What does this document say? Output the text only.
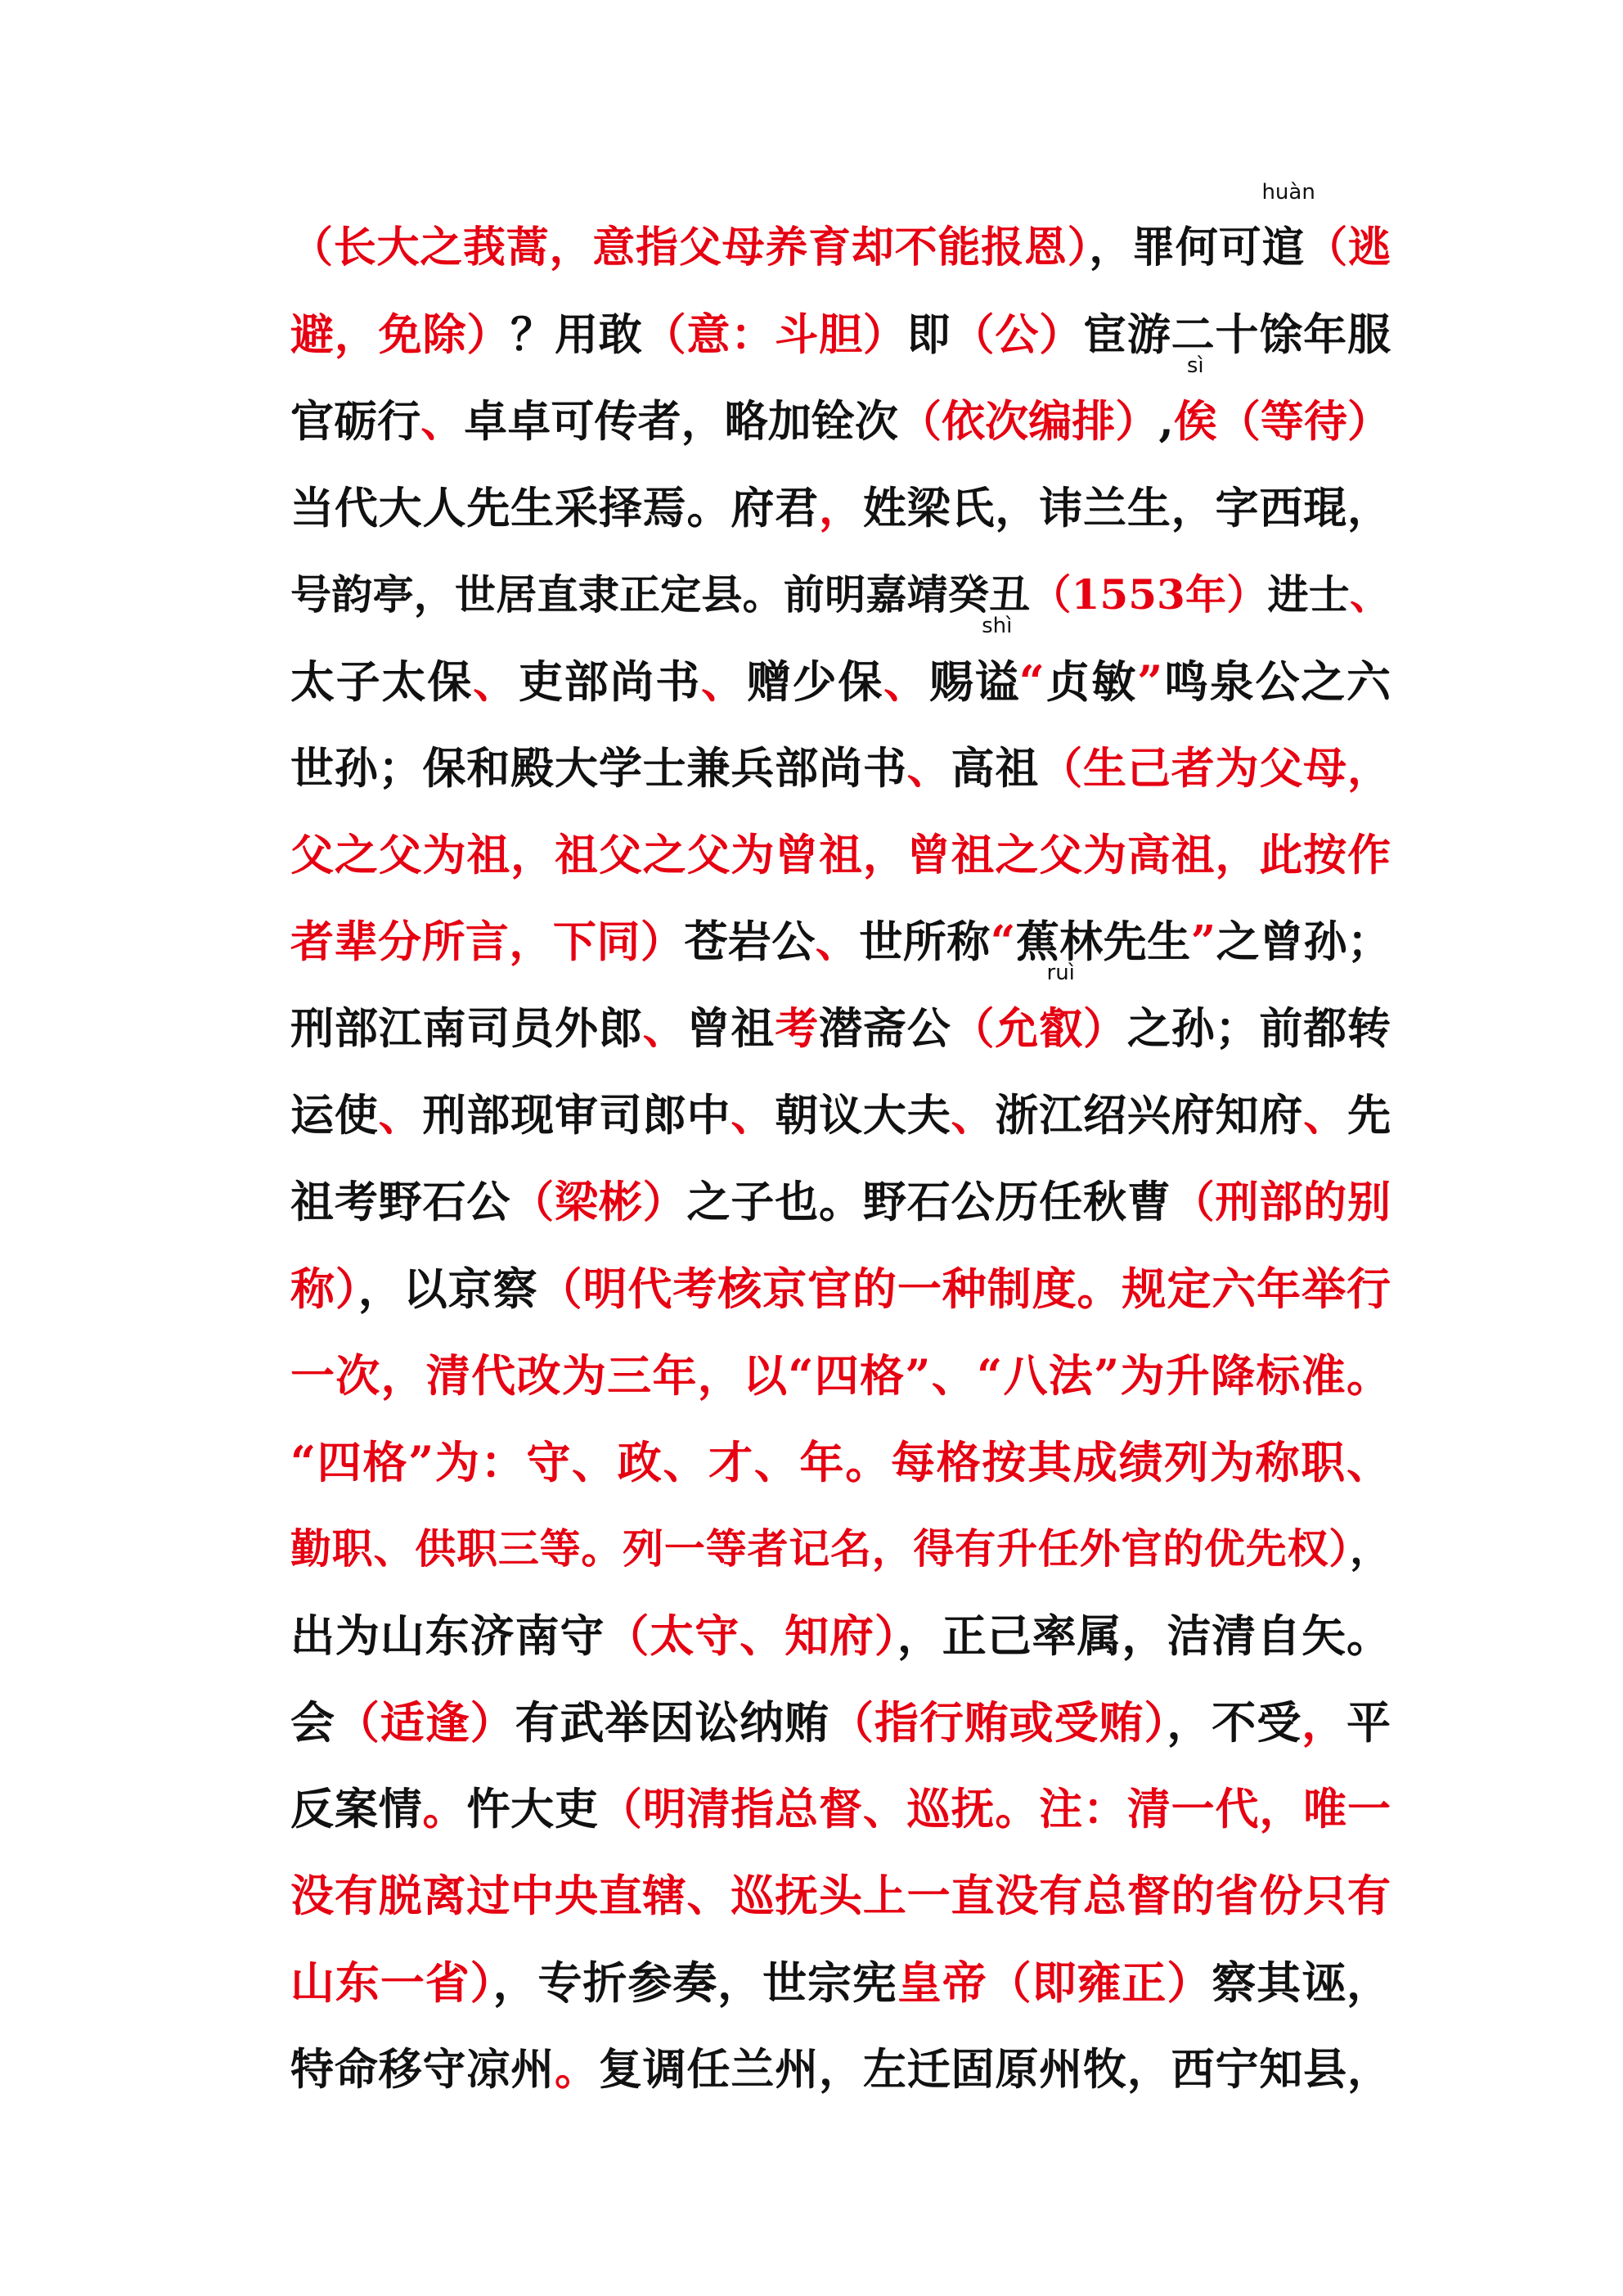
（长大之莪蒿，意指父母养育却不能报恩），罪何可
huàn
逭（逃
避，免除）？用敢（意：斗胆）即（公）宦游二十馀年服
官砺行、卓卓可传者，略加铨次（依次编排）,
sì
俟（等待）
当代大人先生采择焉。府君，姓梁氏，讳兰生，字西琨，
号韵亭，世居直隶正定县。前明嘉靖癸丑（1553年）进士、
太子太保、吏部尚书、赠少保、赐
shì
谥“贞敏”鸣泉公之六
世孙；保和殿大学士兼兵部尚书、高祖（生己者为父母，
父之父为祖，祖父之父为曾祖，曾祖之父为高祖，此按作
者辈分所言，下同）苍岩公、世所称“蕉林先生”之曾孙；
刑部江南司员外郎、曾祖考潜斋公（允
ruì
叡）之孙；前都转
运使、刑部现审司郎中、朝议大夫、浙江绍兴府知府、先
祖考野石公（梁彬）之子也。野石公历任秋曹（刑部的别
称），以京察（明代考核京官的一种制度。规定六年举行
一次，清代改为三年，以“四格”、“八法”为升降标准。
“四格”为：守、政、才、年。每格按其成绩列为称职、
勤职、供职三等。列一等者记名，得有升任外官的优先权），
出为山东济南守（太守、知府），正己率属，洁清自矢。
会（适逢）有武举因讼纳贿（指行贿或受贿），不受，平
反案情。忤大吏（明清指总督、巡抚。注：清一代，唯一
没有脱离过中央直辖、巡抚头上一直没有总督的省份只有
山东一省），专折参奏，世宗宪皇帝（即雍正）察其诬，
特命移守凉州。复调任兰州，左迁固原州牧，西宁知县，
